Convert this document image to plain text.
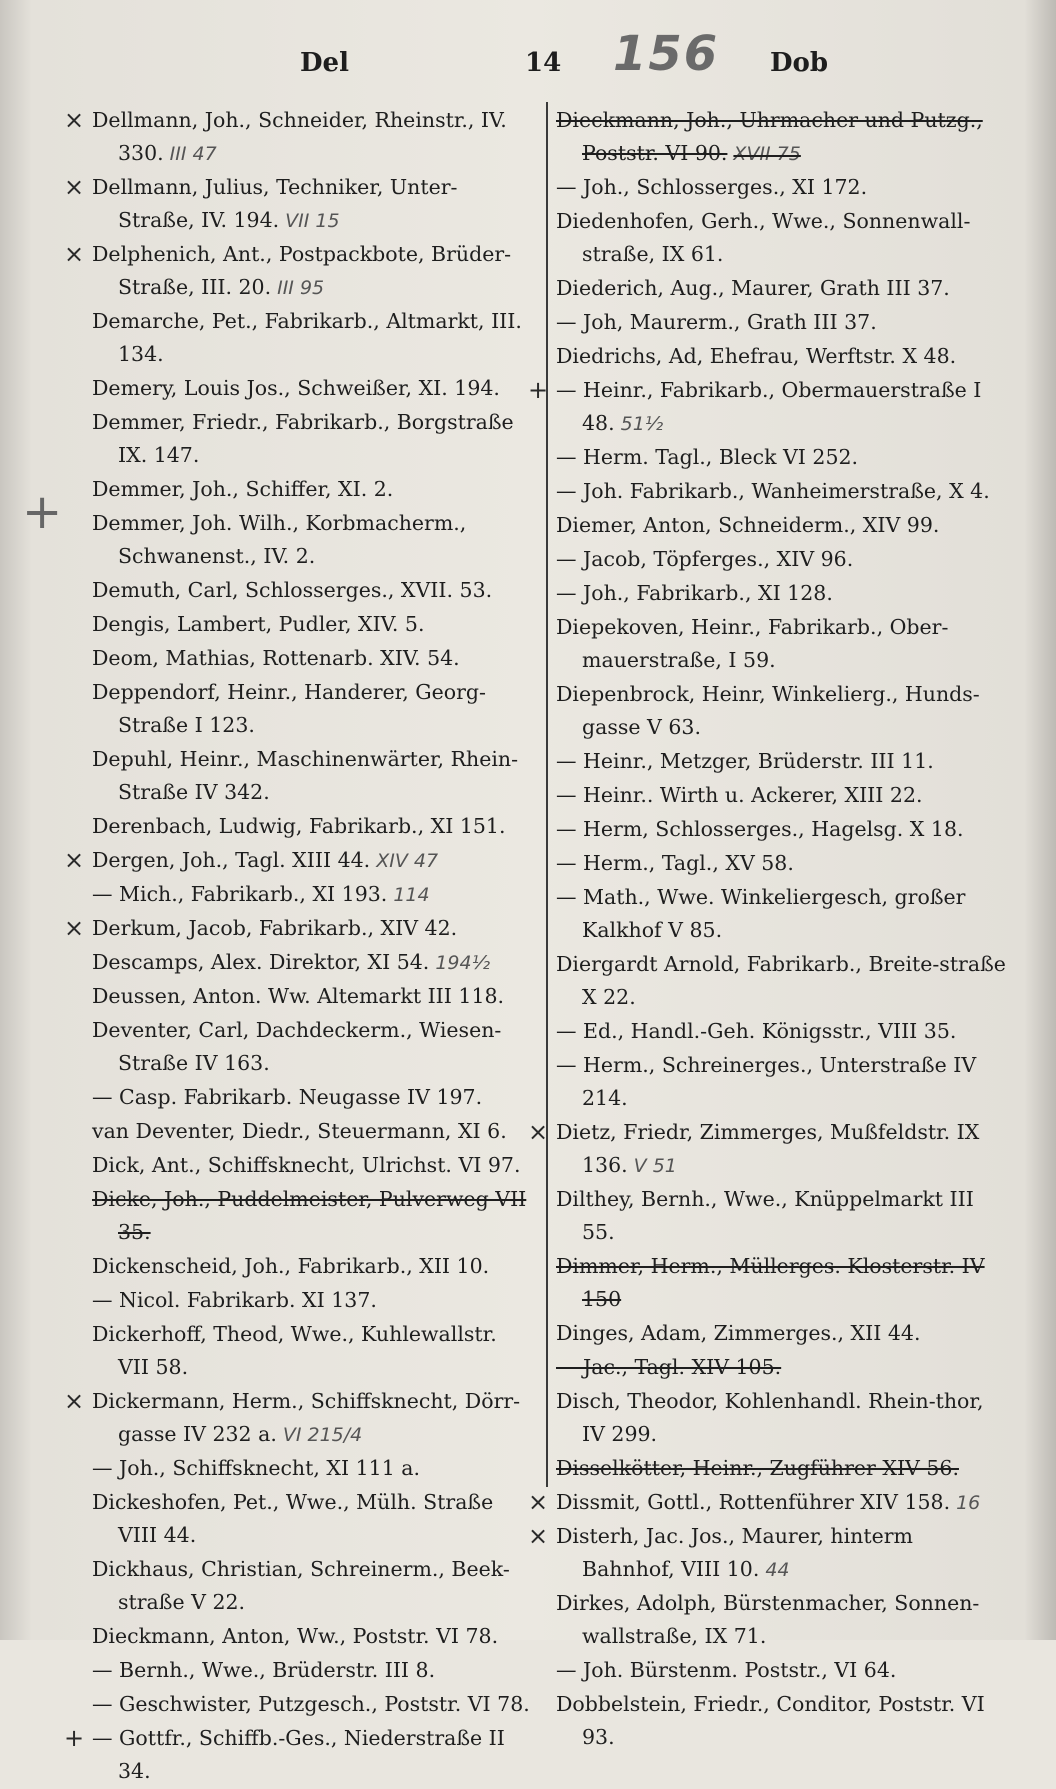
Del	14 156 Dob
+
× Dellmann, Joh., Schneider, Rheinstr., IV. 330. III 47
× Dellmann, Julius, Techniker, Unter-Straße, IV. 194. VII 15
× Delphenich, Ant., Postpackbote, Brüder-Straße, III. 20. III 95
Demarche, Pet., Fabrikarb., Altmarkt, III. 134.
Demery, Louis Jos., Schweißer, XI. 194.
Demmer, Friedr., Fabrikarb., Borgstraße IX. 147.
Demmer, Joh., Schiffer, XI. 2.
Demmer, Joh. Wilh., Korbmacherm., Schwanenst., IV. 2.
Demuth, Carl, Schlosserges., XVII. 53.
Dengis, Lambert, Pudler, XIV. 5.
Deom, Mathias, Rottenarb. XIV. 54.
Deppendorf, Heinr., Handerer, Georg-Straße I 123.
Depuhl, Heinr., Maschinenwärter, Rhein-Straße IV 342.
Derenbach, Ludwig, Fabrikarb., XI 151.
× Dergen, Joh., Tagl. XIII 44. XIV 47
— Mich., Fabrikarb., XI 193. 114
× Derkum, Jacob, Fabrikarb., XIV 42.
Descamps, Alex. Direktor, XI 54. 194½
Deussen, Anton. Ww. Altemarkt III 118.
Deventer, Carl, Dachdeckerm., Wiesen-Straße IV 163.
— Casp. Fabrikarb. Neugasse IV 197.
van Deventer, Diedr., Steuermann, XI 6.
Dick, Ant., Schiffsknecht, Ulrichst. VI 97.
Dicke, Joh., Puddelmeister, Pulverweg VII 35.
Dickenscheid, Joh., Fabrikarb., XII 10.
— Nicol. Fabrikarb. XI 137.
Dickerhoff, Theod, Wwe., Kuhlewallstr. VII 58.
× Dickermann, Herm., Schiffsknecht, Dörr-gasse IV 232 a. VI 215/4
— Joh., Schiffsknecht, XI 111 a.
Dickeshofen, Pet., Wwe., Mülh. Straße VIII 44.
Dickhaus, Christian, Schreinerm., Beek-straße V 22.
Dieckmann, Anton, Ww., Poststr. VI 78.
— Bernh., Wwe., Brüderstr. III 8.
— Geschwister, Putzgesch., Poststr. VI 78.
+ — Gottfr., Schiffb.-Ges., Niederstraße II 34.
Dieckmann, Joh., Uhrmacher und Putzg., Poststr. VI 90. XVII 75
— Joh., Schlosserges., XI 172.
Diedenhofen, Gerh., Wwe., Sonnenwall-straße, IX 61.
Diederich, Aug., Maurer, Grath III 37.
— Joh, Maurerm., Grath III 37.
Diedrichs, Ad, Ehefrau, Werftstr. X 48.
+ — Heinr., Fabrikarb., Obermauerstraße I 48. 51½
— Herm. Tagl., Bleck VI 252.
— Joh. Fabrikarb., Wanheimerstraße, X 4.
Diemer, Anton, Schneiderm., XIV 99.
— Jacob, Töpferges., XIV 96.
— Joh., Fabrikarb., XI 128.
Diepekoven, Heinr., Fabrikarb., Ober-mauerstraße, I 59.
Diepenbrock, Heinr, Winkelierg., Hunds-gasse V 63.
— Heinr., Metzger, Brüderstr. III 11.
— Heinr.. Wirth u. Ackerer, XIII 22.
— Herm, Schlosserges., Hagelsg. X 18.
— Herm., Tagl., XV 58.
— Math., Wwe. Winkeliergesch, großer Kalkhof V 85.
Diergardt Arnold, Fabrikarb., Breite-straße X 22.
— Ed., Handl.-Geh. Königsstr., VIII 35.
— Herm., Schreinerges., Unterstraße IV 214.
× Dietz, Friedr, Zimmerges, Mußfeldstr. IX 136. V 51
Dilthey, Bernh., Wwe., Knüppelmarkt III 55.
Dimmer, Herm., Müllerges. Klosterstr. IV 150
Dinges, Adam, Zimmerges., XII 44.
— Jac., Tagl. XIV 105.
Disch, Theodor, Kohlenhandl. Rhein-thor, IV 299.
Disselkötter, Heinr., Zugführer XIV 56.
× Dissmit, Gottl., Rottenführer XIV 158. 16
× Disterh, Jac. Jos., Maurer, hinterm Bahnhof, VIII 10. 44
Dirkes, Adolph, Bürstenmacher, Sonnen-wallstraße, IX 71.
— Joh. Bürstenm. Poststr., VI 64.
Dobbelstein, Friedr., Conditor, Poststr. VI 93.
